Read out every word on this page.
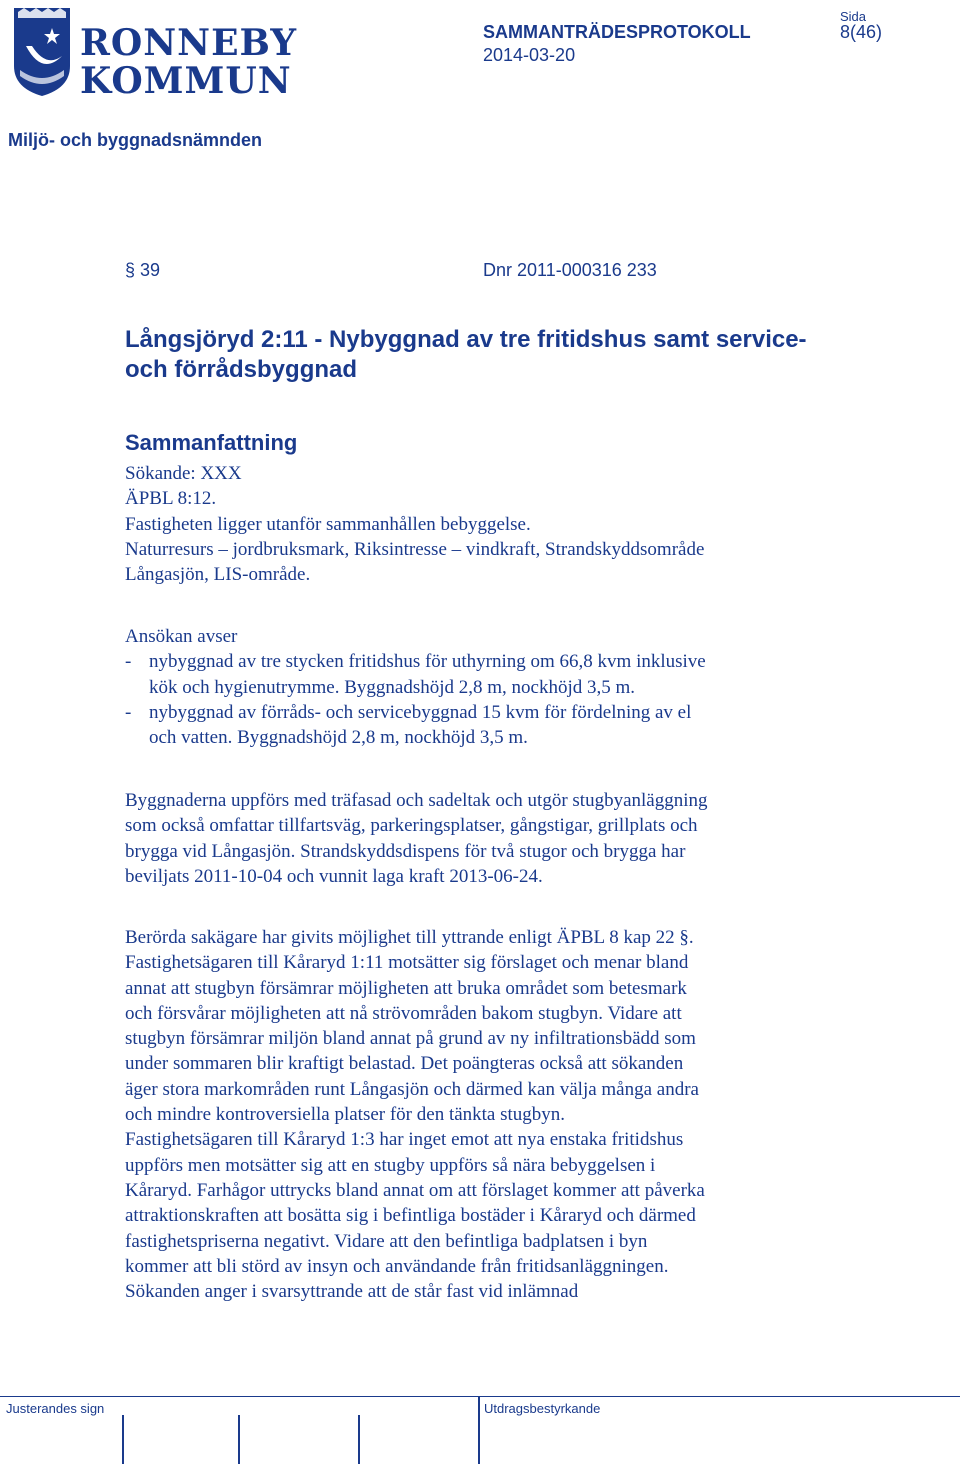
RONNEBY
KOMMUN
SAMMANTRÄDESPROTOKOLL
2014-03-20
Sida
8(46)
Miljö- och byggnadsnämnden
§ 39	Dnr 2011-000316 233
Långsjöryd 2:11 - Nybyggnad av tre fritidshus samt service- och förrådsbyggnad
Sammanfattning
Sökande: XXX
ÄPBL 8:12.
Fastigheten ligger utanför sammanhållen bebyggelse.
Naturresurs – jordbruksmark, Riksintresse – vindkraft, Strandskyddsområde
Långasjön, LIS-område.
Ansökan avser
- nybyggnad av tre stycken fritidshus för uthyrning om 66,8 kvm inklusive
kök och hygienutrymme. Byggnadshöjd 2,8 m, nockhöjd 3,5 m.
- nybyggnad av förråds- och servicebyggnad 15 kvm för fördelning av el
och vatten. Byggnadshöjd 2,8 m, nockhöjd 3,5 m.
Byggnaderna uppförs med träfasad och sadeltak och utgör stugbyanläggning
som också omfattar tillfartsväg, parkeringsplatser, gångstigar, grillplats och
brygga vid Långasjön. Strandskyddsdispens för två stugor och brygga har
beviljats 2011-10-04 och vunnit laga kraft 2013-06-24.
Berörda sakägare har givits möjlighet till yttrande enligt ÄPBL 8 kap 22 §.
Fastighetsägaren till Kåraryd 1:11 motsätter sig förslaget och menar bland
annat att stugbyn försämrar möjligheten att bruka området som betesmark
och försvårar möjligheten att nå strövområden bakom stugbyn. Vidare att
stugbyn försämrar miljön bland annat på grund av ny infiltrationsbädd som
under sommaren blir kraftigt belastad. Det poängteras också att sökanden
äger stora markområden runt Långasjön och därmed kan välja många andra
och mindre kontroversiella platser för den tänkta stugbyn.
Fastighetsägaren till Kåraryd 1:3 har inget emot att nya enstaka fritidshus
uppförs men motsätter sig att en stugby uppförs så nära bebyggelsen i
Kåraryd. Farhågor uttrycks bland annat om att förslaget kommer att påverka
attraktionskraften att bosätta sig i befintliga bostäder i Kåraryd och därmed
fastighetspriserna negativt. Vidare att den befintliga badplatsen i byn
kommer att bli störd av insyn och användande från fritidsanläggningen.
Sökanden anger i svarsyttrande att de står fast vid inlämnad
Justerandes sign	Utdragsbestyrkande
